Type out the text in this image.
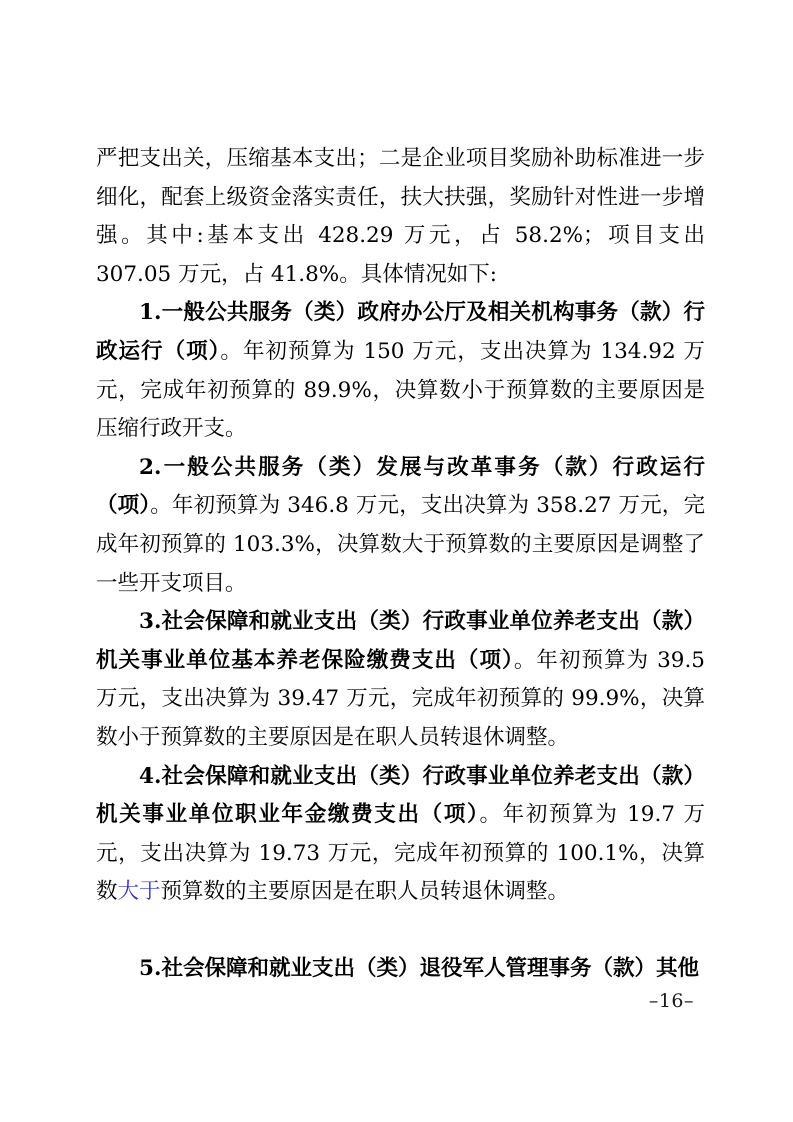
严把支出关，压缩基本支出；二是企业项目奖励补助标准进一步细化，配套上级资金落实责任，扶大扶强，奖励针对性进一步增强。其中:基本支出 428.29 万元，占 58.2%；项目支出 307.05 万元，占 41.8%。具体情况如下:

1.一般公共服务（类）政府办公厅及相关机构事务（款）行政运行（项）。年初预算为 150 万元，支出决算为 134.92 万元，完成年初预算的 89.9%，决算数小于预算数的主要原因是压缩行政开支。

2.一般公共服务（类）发展与改革事务（款）行政运行（项）。年初预算为 346.8 万元，支出决算为 358.27 万元，完成年初预算的 103.3%，决算数大于预算数的主要原因是调整了一些开支项目。

3.社会保障和就业支出（类）行政事业单位养老支出（款）机关事业单位基本养老保险缴费支出（项）。年初预算为 39.5 万元，支出决算为 39.47 万元，完成年初预算的 99.9%，决算数小于预算数的主要原因是在职人员转退休调整。

4.社会保障和就业支出（类）行政事业单位养老支出（款）机关事业单位职业年金缴费支出（项）。年初预算为 19.7 万元，支出决算为 19.73 万元，完成年初预算的 100.1%，决算数大于预算数的主要原因是在职人员转退休调整。

5.社会保障和就业支出（类）退役军人管理事务（款）其他

–16–
